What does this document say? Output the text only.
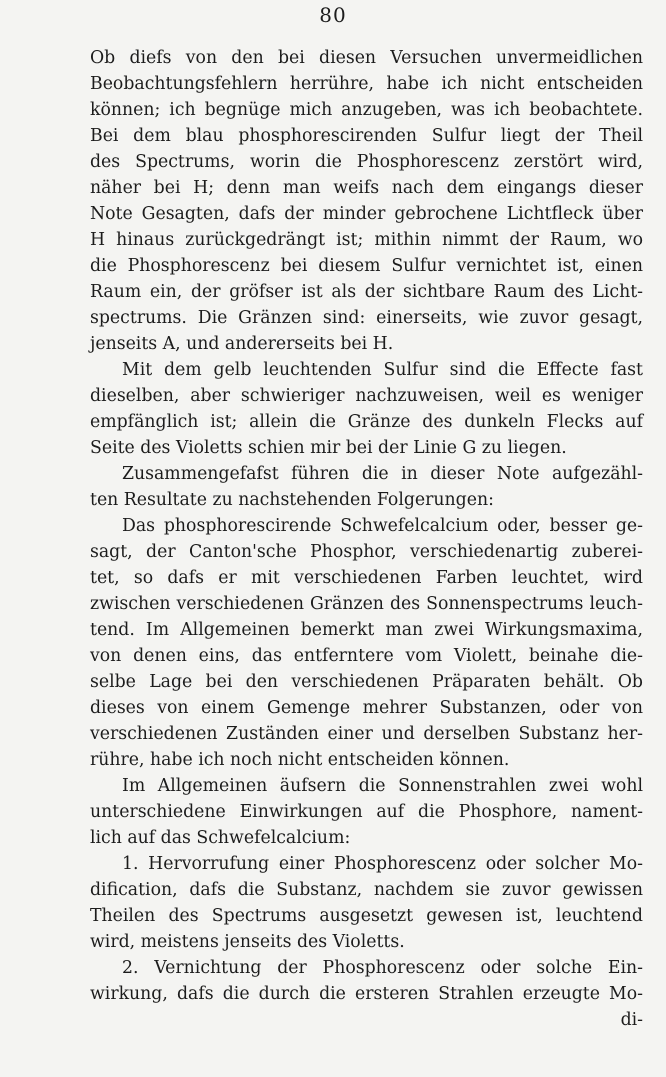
80
Ob diefs von den bei diesen Versuchen unvermeidlichen
Beobachtungsfehlern herrühre, habe ich nicht entscheiden
können; ich begnüge mich anzugeben, was ich beobachtete.
Bei dem blau phosphorescirenden Sulfur liegt der Theil
des Spectrums, worin die Phosphorescenz zerstört wird,
näher bei H; denn man weifs nach dem eingangs dieser
Note Gesagten, dafs der minder gebrochene Lichtfleck über
H hinaus zurückgedrängt ist; mithin nimmt der Raum, wo
die Phosphorescenz bei diesem Sulfur vernichtet ist, einen
Raum ein, der gröfser ist als der sichtbare Raum des Licht-
spectrums. Die Gränzen sind: einerseits, wie zuvor gesagt,
jenseits A, und andererseits bei H.
Mit dem gelb leuchtenden Sulfur sind die Effecte fast
dieselben, aber schwieriger nachzuweisen, weil es weniger
empfänglich ist; allein die Gränze des dunkeln Flecks auf
Seite des Violetts schien mir bei der Linie G zu liegen.
Zusammengefafst führen die in dieser Note aufgezähl-
ten Resultate zu nachstehenden Folgerungen:
Das phosphorescirende Schwefelcalcium oder, besser ge-
sagt, der Canton'sche Phosphor, verschiedenartig zuberei-
tet, so dafs er mit verschiedenen Farben leuchtet, wird
zwischen verschiedenen Gränzen des Sonnenspectrums leuch-
tend. Im Allgemeinen bemerkt man zwei Wirkungsmaxima,
von denen eins, das entferntere vom Violett, beinahe die-
selbe Lage bei den verschiedenen Präparaten behält. Ob
dieses von einem Gemenge mehrer Substanzen, oder von
verschiedenen Zuständen einer und derselben Substanz her-
rühre, habe ich noch nicht entscheiden können.
Im Allgemeinen äufsern die Sonnenstrahlen zwei wohl
unterschiedene Einwirkungen auf die Phosphore, nament-
lich auf das Schwefelcalcium:
1. Hervorrufung einer Phosphorescenz oder solcher Mo-
dification, dafs die Substanz, nachdem sie zuvor gewissen
Theilen des Spectrums ausgesetzt gewesen ist, leuchtend
wird, meistens jenseits des Violetts.
2. Vernichtung der Phosphorescenz oder solche Ein-
wirkung, dafs die durch die ersteren Strahlen erzeugte Mo-
di-
